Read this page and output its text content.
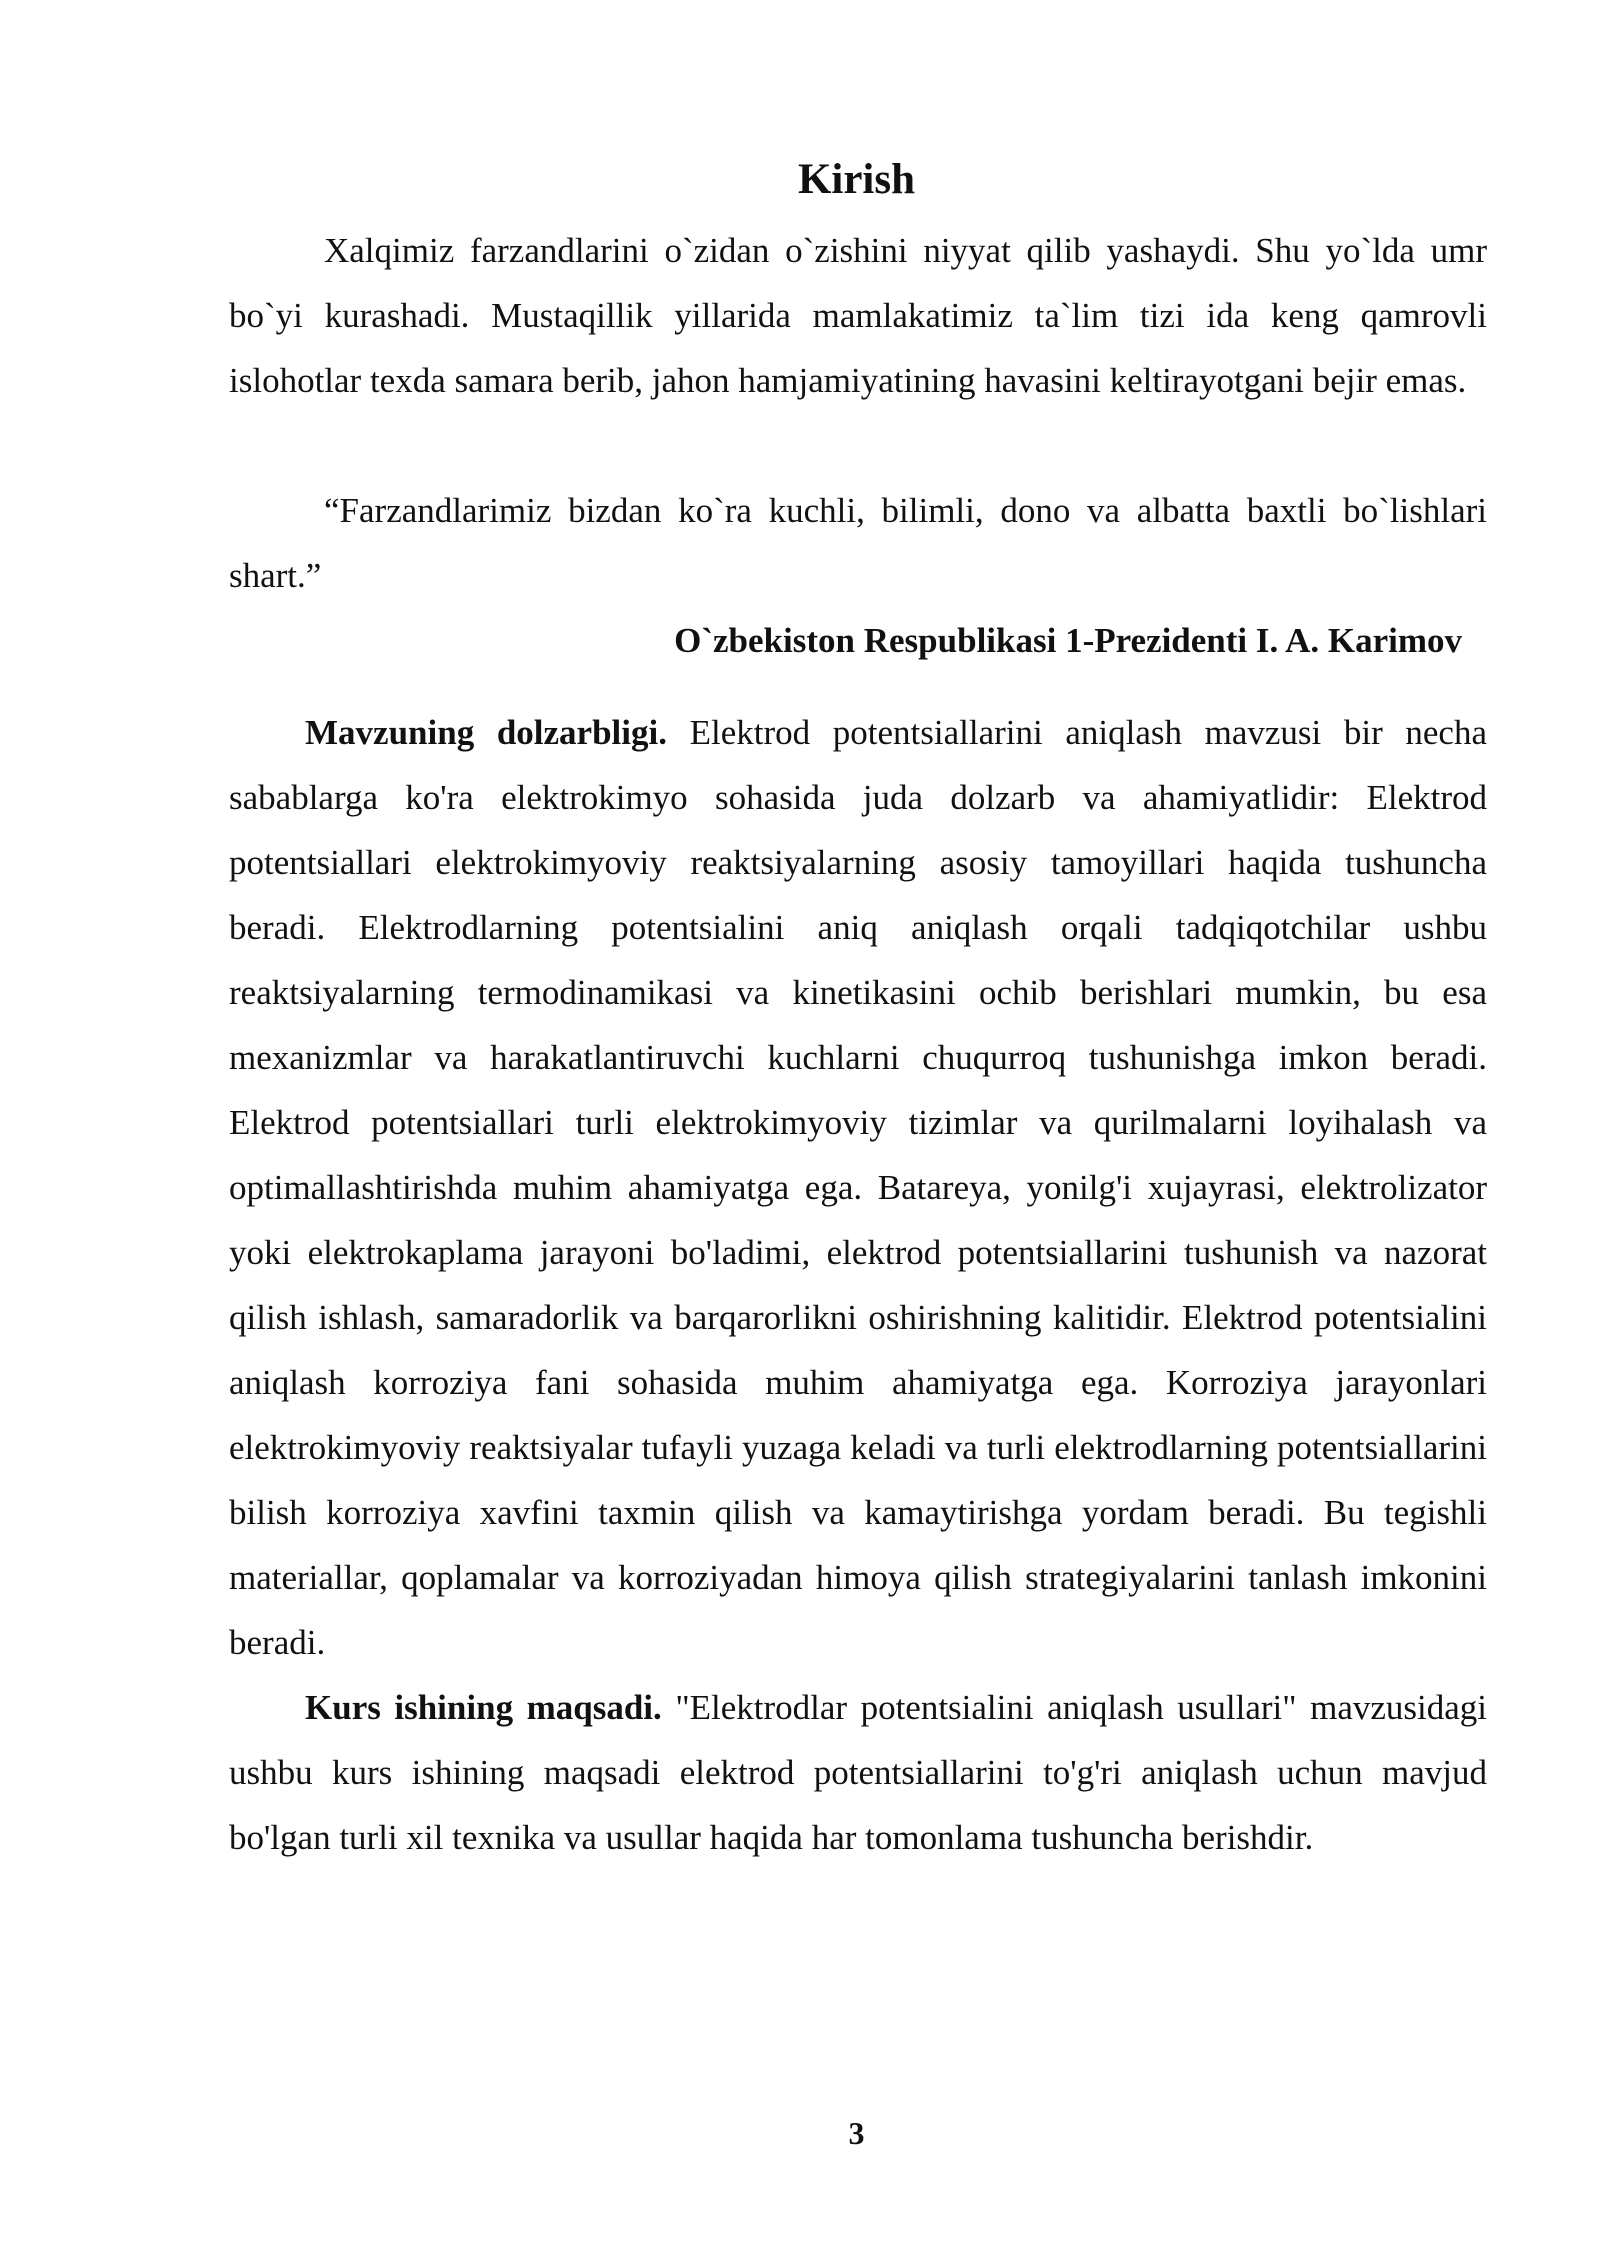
Kirish

Xalqimiz farzandlarini o`zidan o`zishini niyyat qilib yashaydi. Shu yo`lda umr bo`yi kurashadi. Mustaqillik yillarida mamlakatimiz ta`lim tizi ida keng qamrovli islohotlar texda samara berib, jahon hamjamiyatining havasini keltirayotgani bejir emas.

“Farzandlarimiz bizdan ko`ra kuchli, bilimli, dono va albatta baxtli bo`lishlari shart.”

O`zbekiston Respublikasi 1-Prezidenti I. A. Karimov

Mavzuning dolzarbligi. Elektrod potentsiallarini aniqlash mavzusi bir necha sabablarga ko'ra elektrokimyo sohasida juda dolzarb va ahamiyatlidir: Elektrod potentsiallari elektrokimyoviy reaktsiyalarning asosiy tamoyillari haqida tushuncha beradi. Elektrodlarning potentsialini aniq aniqlash orqali tadqiqotchilar ushbu reaktsiyalarning termodinamikasi va kinetikasini ochib berishlari mumkin, bu esa mexanizmlar va harakatlantiruvchi kuchlarni chuqurroq tushunishga imkon beradi. Elektrod potentsiallari turli elektrokimyoviy tizimlar va qurilmalarni loyihalash va optimallashtirishda muhim ahamiyatga ega. Batareya, yonilg'i xujayrasi, elektrolizator yoki elektrokaplama jarayoni bo'ladimi, elektrod potentsiallarini tushunish va nazorat qilish ishlash, samaradorlik va barqarorlikni oshirishning kalitidir. Elektrod potentsialini aniqlash korroziya fani sohasida muhim ahamiyatga ega. Korroziya jarayonlari elektrokimyoviy reaktsiyalar tufayli yuzaga keladi va turli elektrodlarning potentsiallarini bilish korroziya xavfini taxmin qilish va kamaytirishga yordam beradi. Bu tegishli materiallar, qoplamalar va korroziyadan himoya qilish strategiyalarini tanlash imkonini beradi.

Kurs ishining maqsadi. "Elektrodlar potentsialini aniqlash usullari" mavzusidagi ushbu kurs ishining maqsadi elektrod potentsiallarini to'g'ri aniqlash uchun mavjud bo'lgan turli xil texnika va usullar haqida har tomonlama tushuncha berishdir.

3
